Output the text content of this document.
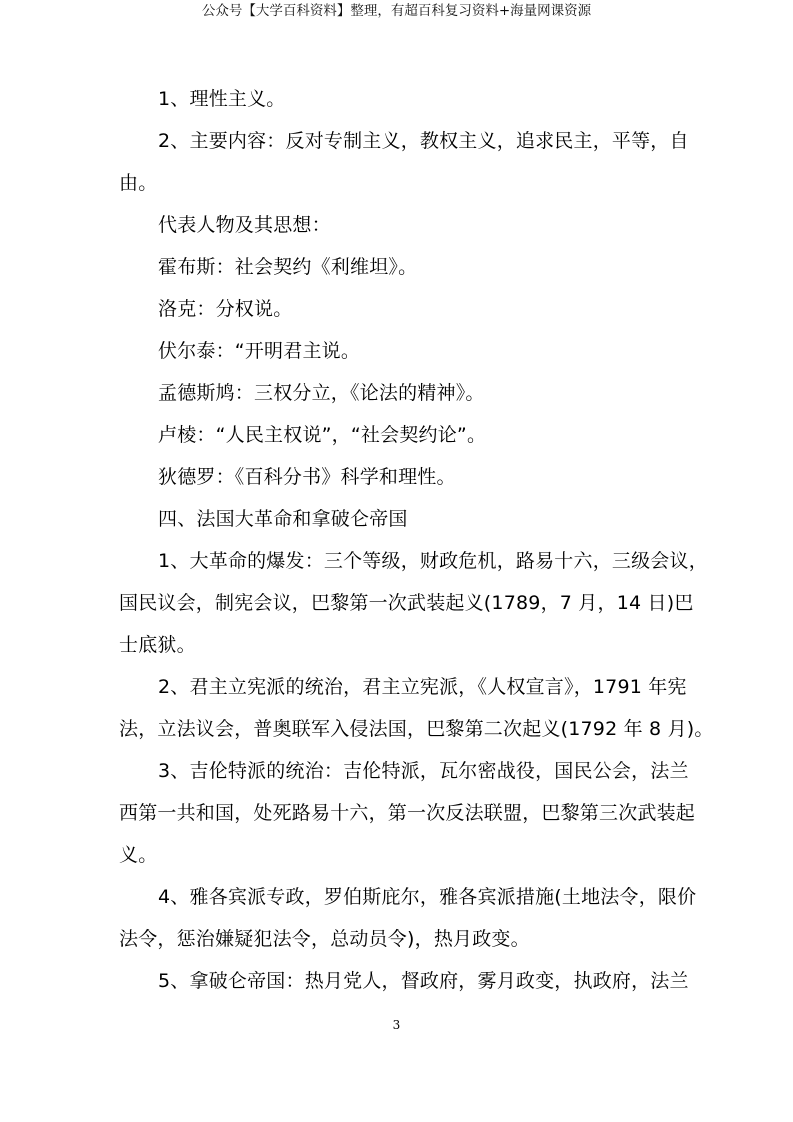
公众号【大学百科资料】整理，有超百科复习资料+海量网课资源
1、理性主义。
2、主要内容：反对专制主义，教权主义，追求民主，平等，自
由。
代表人物及其思想：
霍布斯：社会契约《利维坦》。
洛克：分权说。
伏尔泰：“开明君主说。
孟德斯鸠：三权分立，《论法的精神》。
卢棱：“人民主权说”，“社会契约论”。
狄德罗：《百科分书》科学和理性。
四、法国大革命和拿破仑帝国
1、大革命的爆发：三个等级，财政危机，路易十六，三级会议，
国民议会，制宪会议，巴黎第一次武装起义(1789，7 月，14 日)巴
士底狱。
2、君主立宪派的统治，君主立宪派，《人权宣言》，1791 年宪
法，立法议会，普奥联军入侵法国，巴黎第二次起义(1792 年 8 月)。
3、吉伦特派的统治：吉伦特派，瓦尔密战役，国民公会，法兰
西第一共和国，处死路易十六，第一次反法联盟，巴黎第三次武装起
义。
4、雅各宾派专政，罗伯斯庇尔，雅各宾派措施(土地法令，限价
法令，惩治嫌疑犯法令，总动员令)，热月政变。
5、拿破仑帝国：热月党人，督政府，雾月政变，执政府，法兰
3
